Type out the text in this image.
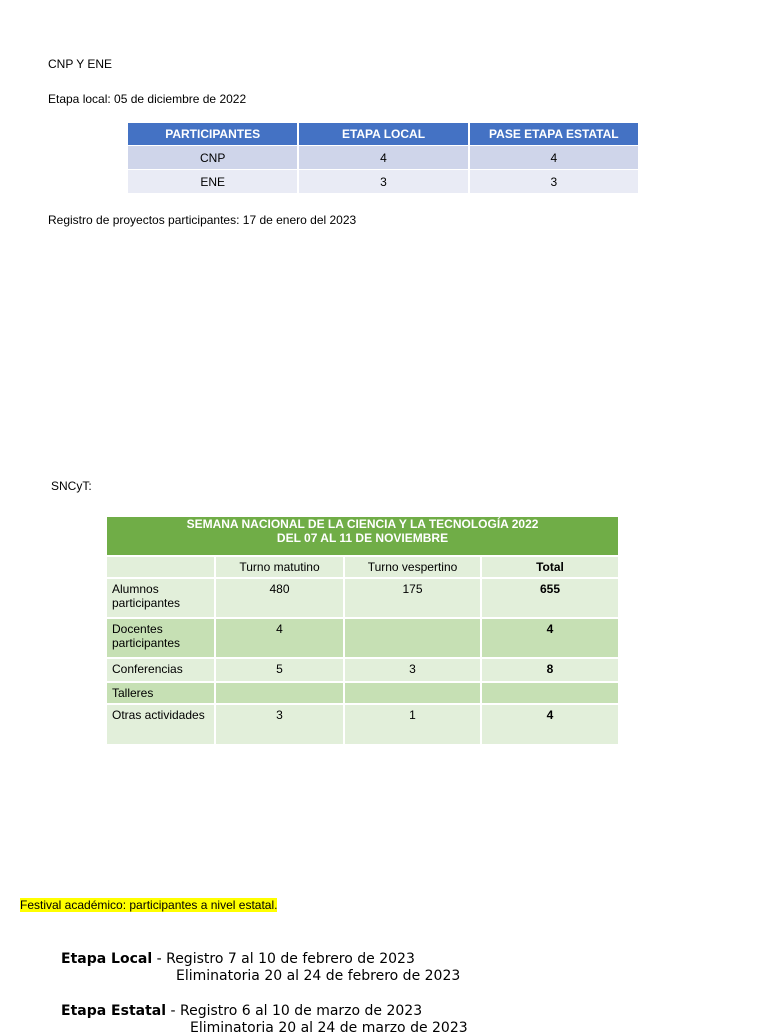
CNP Y ENE
Etapa local: 05 de diciembre de 2022
PARTICIPANTES	ETAPA LOCAL	PASE ETAPA ESTATAL
CNP	4	4
ENE	3	3
Registro de proyectos participantes: 17 de enero del 2023
SNCyT:
SEMANA NACIONAL DE LA CIENCIA Y LA TECNOLOGÍA 2022
DEL 07 AL 11 DE NOVIEMBRE			

	Turno matutino	Turno vespertino	Total
Alumnos participantes	480	175	655
Docentes participantes	4		4
Conferencias	5	3	8
Talleres			
Otras actividades	3	1	4
Festival académico: participantes a nivel estatal.
Etapa Local - Registro 7 al 10 de febrero de 2023
Eliminatoria 20 al 24 de febrero de 2023
Etapa Estatal - Registro 6 al 10 de marzo de 2023
Eliminatoria 20 al 24 de marzo de 2023
